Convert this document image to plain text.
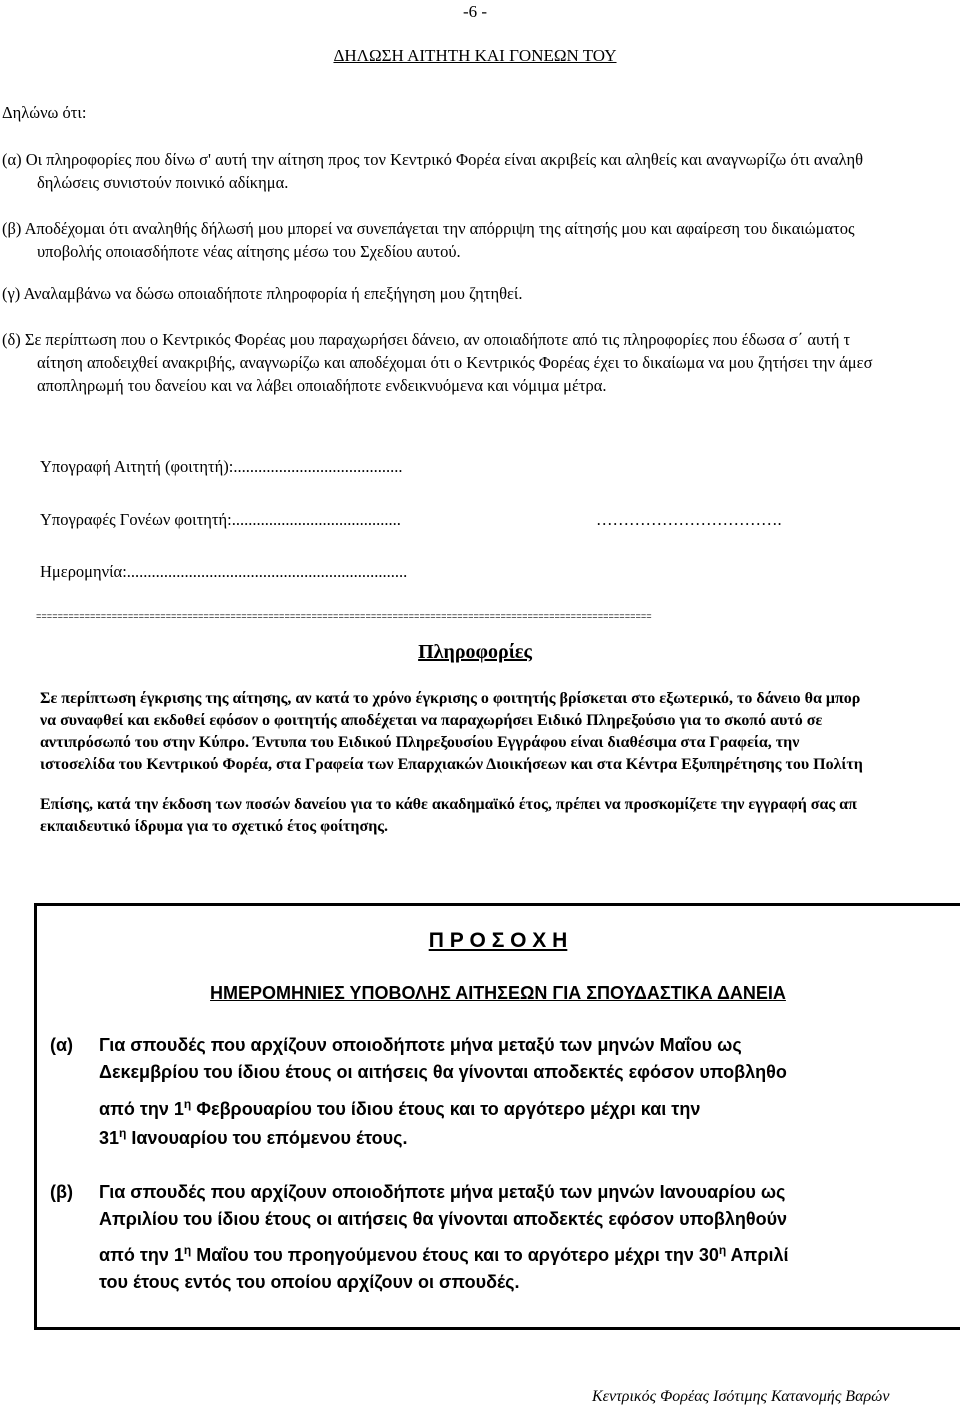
-6 -
ΔΗΛΩΣΗ ΑΙΤΗΤΗ ΚΑΙ ΓΟΝΕΩΝ ΤΟΥ
Δηλώνω ότι:
(α) Οι πληροφορίες που δίνω σ' αυτή την αίτηση προς τον Κεντρικό Φορέα είναι ακριβείς και αληθείς και αναγνωρίζω ότι αναληθ
δηλώσεις συνιστούν ποινικό αδίκημα.
(β) Αποδέχομαι ότι αναληθής δήλωσή μου μπορεί να συνεπάγεται την απόρριψη της αίτησής μου και αφαίρεση του δικαιώματος
υποβολής οποιασδήποτε νέας αίτησης μέσω του Σχεδίου αυτού.
(γ) Αναλαμβάνω να δώσω οποιαδήποτε πληροφορία ή επεξήγηση μου ζητηθεί.
(δ) Σε περίπτωση που ο Κεντρικός Φορέας μου παραχωρήσει δάνειο, αν οποιαδήποτε από τις πληροφορίες που έδωσα σ΄ αυτή τ
αίτηση αποδειχθεί ανακριβής, αναγνωρίζω και αποδέχομαι ότι ο Κεντρικός Φορέας έχει το δικαίωμα να μου ζητήσει την άμεσ
αποπληρωμή του δανείου και να λάβει οποιαδήποτε ενδεικνυόμενα και νόμιμα μέτρα.
Υπογραφή Αιτητή (φοιτητή):.........................................
Υπογραφές Γονέων φοιτητή:.........................................	…………………………….
Ημερομηνία:....................................................................
==================================================================================================================
Πληροφορίες
Σε περίπτωση έγκρισης της αίτησης, αν κατά το χρόνο έγκρισης ο φοιτητής βρίσκεται στο εξωτερικό, το δάνειο θα μπορ
να συναφθεί και εκδοθεί εφόσον ο φοιτητής αποδέχεται να παραχωρήσει Ειδικό Πληρεξούσιο για το σκοπό αυτό σε
αντιπρόσωπό του στην Κύπρο. Έντυπα του Ειδικού Πληρεξουσίου Εγγράφου είναι διαθέσιμα στα Γραφεία, την
ιστοσελίδα του Κεντρικού Φορέα, στα Γραφεία των Επαρχιακών Διοικήσεων και στα Κέντρα Εξυπηρέτησης του Πολίτη
Επίσης, κατά την έκδοση των ποσών δανείου για το κάθε ακαδημαϊκό έτος, πρέπει να προσκομίζετε την εγγραφή σας απ
εκπαιδευτικό ίδρυμα για το σχετικό έτος φοίτησης.
Π Ρ Ο Σ Ο Χ Η
ΗΜΕΡΟΜΗΝΙΕΣ ΥΠΟΒΟΛΗΣ ΑΙΤΗΣΕΩΝ ΓΙΑ ΣΠΟΥΔΑΣΤΙΚΑ ΔΑΝΕΙΑ
(α) Για σπουδές που αρχίζουν οποιοδήποτε μήνα μεταξύ των μηνών Μαΐου ως
Δεκεμβρίου του ίδιου έτους οι αιτήσεις θα γίνονται αποδεκτές εφόσον υποβληθο
από την $1^\eta$ Φεβρουαρίου του ίδιου έτους και το αργότερο μέχρι και την
$31^\eta$ Ιανουαρίου του επόμενου έτους.
(β) Για σπουδές που αρχίζουν οποιοδήποτε μήνα μεταξύ των μηνών Ιανουαρίου ως
Απριλίου του ίδιου έτους οι αιτήσεις θα γίνονται αποδεκτές εφόσον υποβληθούν
από την $1^\eta$ Μαΐου του προηγούμενου έτους και το αργότερο μέχρι την $30^\eta$ Απριλί
του έτους εντός του οποίου αρχίζουν οι σπουδές.
Κεντρικός Φορέας Ισότιμης Κατανομής Βαρών
